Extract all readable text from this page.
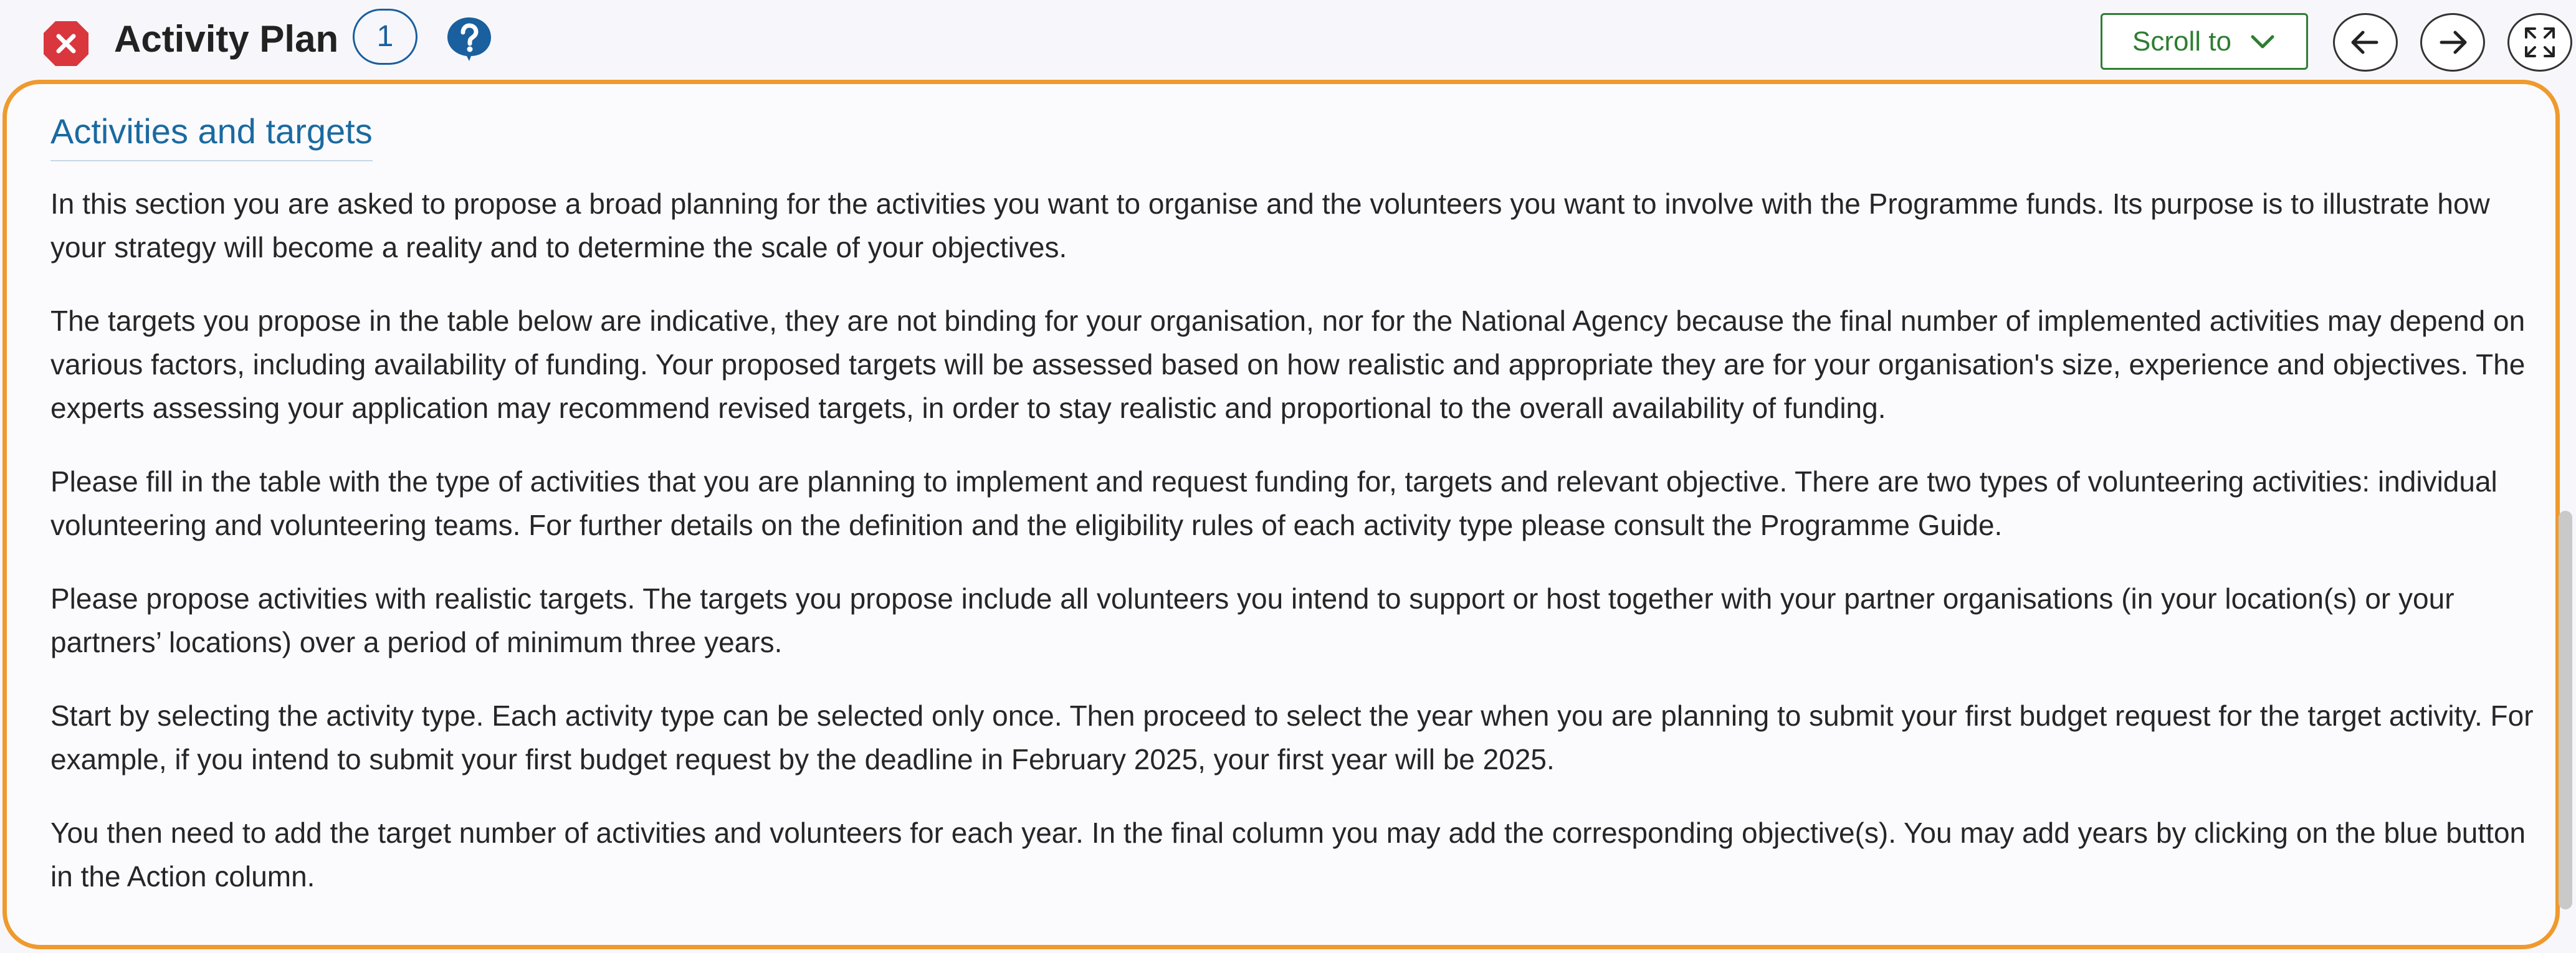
Activity Plan	1	Scroll to
Activities and targets

In this section you are asked to propose a broad planning for the activities you want to organise and the volunteers you want to involve with the Programme funds. Its purpose is to illustrate how your strategy will become a reality and to determine the scale of your objectives.

The targets you propose in the table below are indicative, they are not binding for your organisation, nor for the National Agency because the final number of implemented activities may depend on various factors, including availability of funding. Your proposed targets will be assessed based on how realistic and appropriate they are for your organisation's size, experience and objectives. The experts assessing your application may recommend revised targets, in order to stay realistic and proportional to the overall availability of funding.

Please fill in the table with the type of activities that you are planning to implement and request funding for, targets and relevant objective. There are two types of volunteering activities: individual volunteering and volunteering teams. For further details on the definition and the eligibility rules of each activity type please consult the Programme Guide.

Please propose activities with realistic targets. The targets you propose include all volunteers you intend to support or host together with your partner organisations (in your location(s) or your partners’ locations) over a period of minimum three years.

Start by selecting the activity type. Each activity type can be selected only once. Then proceed to select the year when you are planning to submit your first budget request for the target activity. For example, if you intend to submit your first budget request by the deadline in February 2025, your first year will be 2025.

You then need to add the target number of activities and volunteers for each year. In the final column you may add the corresponding objective(s). You may add years by clicking on the blue button in the Action column.
